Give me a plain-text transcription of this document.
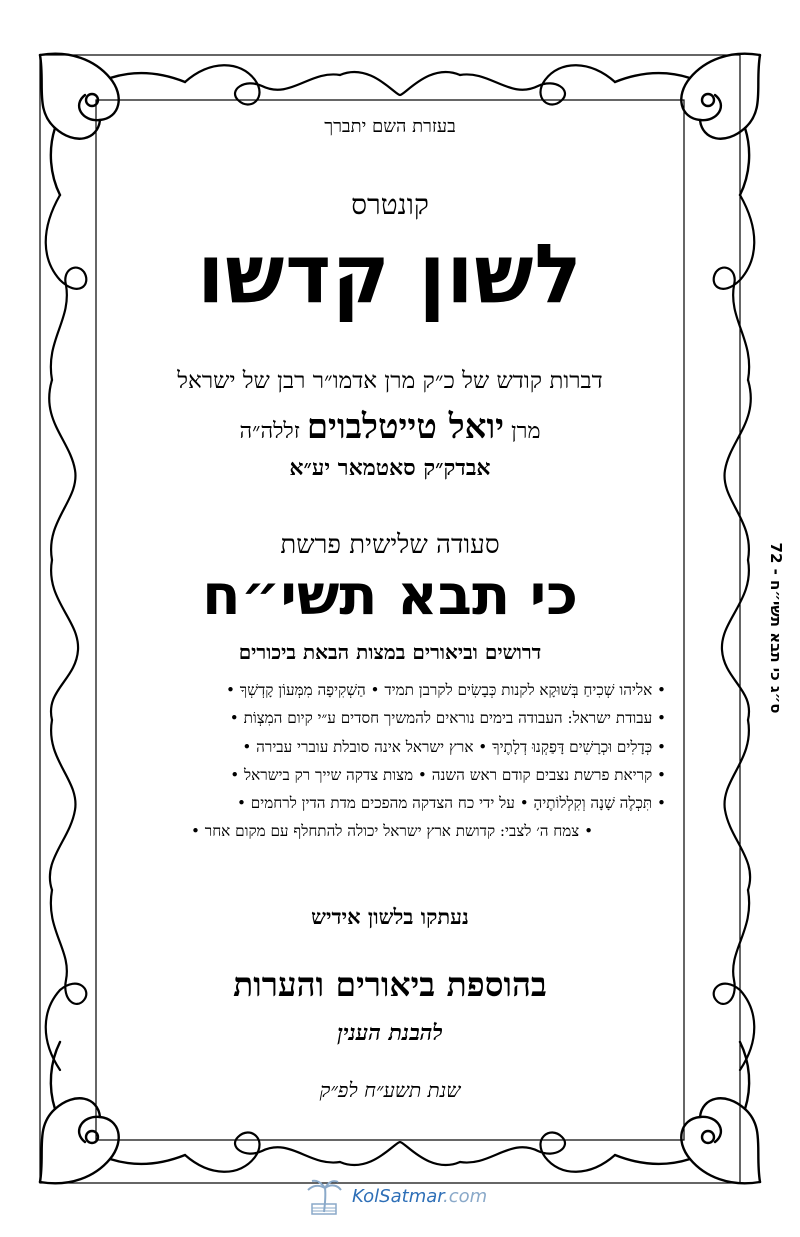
בעזרת השם יתברך
קונטרס
לשון קדשו
דברות קודש של כ״ק מרן אדמו״ר רבן של ישראל
מרן יואל טייטלבוים זללה״ה
אבדק״ק סאטמאר יע״א
סעודה שלישית פרשת
כי תבא תשי״ח
דרושים וביאורים במצות הבאת ביכורים
• אליהו שְׁכִיחַ בְּשׁוּקָא לקנות כְּבָשִׂים לקרבן תמיד • הַשְׁקִיפָה מִמְּעוֹן קָדְשְׁךָ •
• עבודת ישראל: העבודה בימים נוראים להמשיך חסדים ע״י קיום המִצְוֹת •
• כְּדָלִים וּכְרָשִׁים דָּפַקְנוּ דְלָתֶיךָ • ארץ ישראל אינה סובלת עוברי עבירה •
• קריאת פרשת נצבים קודם ראש השנה • מצות צדקה שייך רק בישראל •
• תִּכְלֶה שָׁנָה וְקִלְלוֹתֶיהָ • על ידי כח הצדקה מהפכים מדת הדין לרחמים •
• צמח ה׳ לצבי: קדושת ארץ ישראל יכולה להתחלף עם מקום אחר •
נעתקו בלשון אידיש
בהוספת ביאורים והערות
להבנת הענין
שנת תשע״ח לפ״ק
ס״ג כי תבא תשי״ח - 72
KolSatmar.com
